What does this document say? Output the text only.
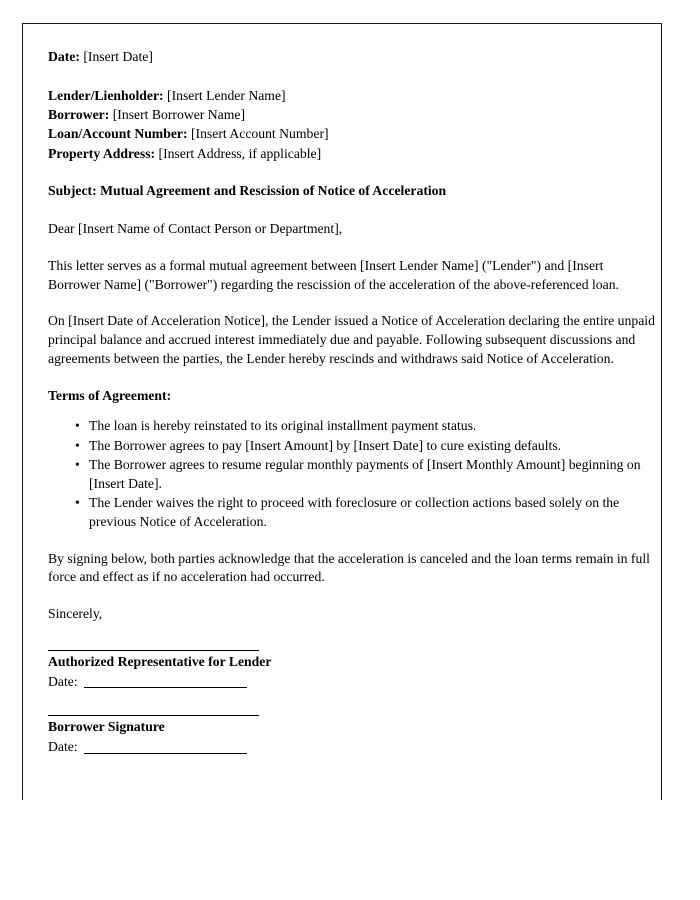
Date: [Insert Date]

Lender/Lienholder: [Insert Lender Name]

Borrower: [Insert Borrower Name]

Loan/Account Number: [Insert Account Number]

Property Address: [Insert Address, if applicable]

Subject: Mutual Agreement and Rescission of Notice of Acceleration

Dear [Insert Name of Contact Person or Department],

This letter serves as a formal mutual agreement between [Insert Lender Name] ("Lender") and [Insert Borrower Name] ("Borrower") regarding the rescission of the acceleration of the above-referenced loan.

On [Insert Date of Acceleration Notice], the Lender issued a Notice of Acceleration declaring the entire unpaid principal balance and accrued interest immediately due and payable. Following subsequent discussions and agreements between the parties, the Lender hereby rescinds and withdraws said Notice of Acceleration.

Terms of Agreement:

• The loan is hereby reinstated to its original installment payment status.
• The Borrower agrees to pay [Insert Amount] by [Insert Date] to cure existing defaults.
• The Borrower agrees to resume regular monthly payments of [Insert Monthly Amount] beginning on [Insert Date].
• The Lender waives the right to proceed with foreclosure or collection actions based solely on the previous Notice of Acceleration.

By signing below, both parties acknowledge that the acceleration is canceled and the loan terms remain in full force and effect as if no acceleration had occurred.

Sincerely,

Authorized Representative for Lender

Date:

Borrower Signature

Date:
